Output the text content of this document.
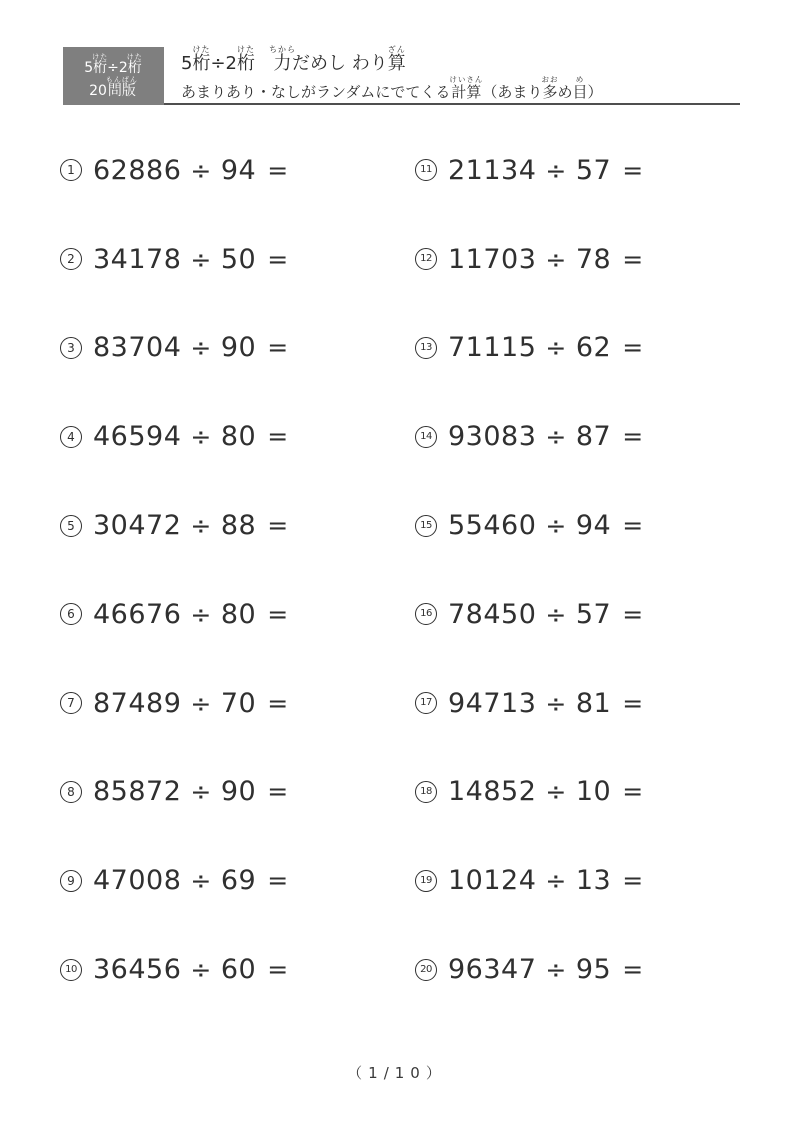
5桁けた÷2桁けた
20問版もんばん
5桁けた÷2桁けた　力ちからだめし わり算ざん
あまりあり・なしがランダムにでてくる計算けいさん（あまり多おおめ目め）
1 62886 ÷ 94 =
2 34178 ÷ 50 =
3 83704 ÷ 90 =
4 46594 ÷ 80 =
5 30472 ÷ 88 =
6 46676 ÷ 80 =
7 87489 ÷ 70 =
8 85872 ÷ 90 =
9 47008 ÷ 69 =
10 36456 ÷ 60 =
11 21134 ÷ 57 =
12 11703 ÷ 78 =
13 71115 ÷ 62 =
14 93083 ÷ 87 =
15 55460 ÷ 94 =
16 78450 ÷ 57 =
17 94713 ÷ 81 =
18 14852 ÷ 10 =
19 10124 ÷ 13 =
20 96347 ÷ 95 =
（1/10）
